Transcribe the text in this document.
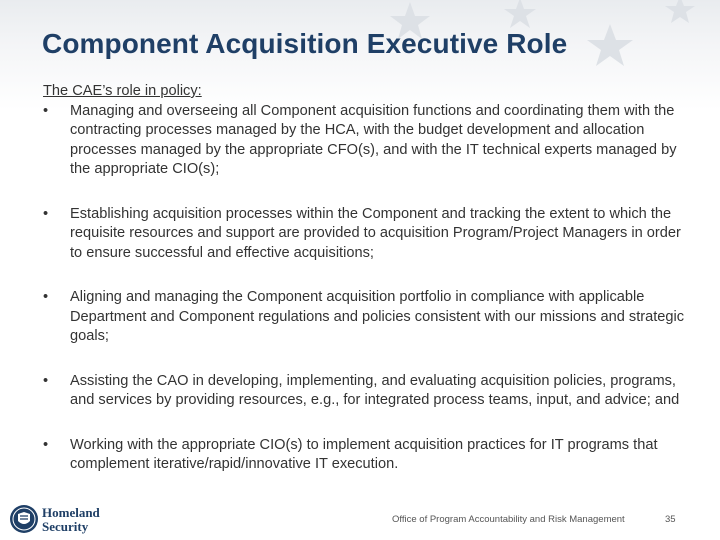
Component Acquisition Executive Role

The CAE’s role in policy:

•	Managing and overseeing all Component acquisition functions and coordinating them with the contracting processes managed by the HCA, with the budget development and allocation processes managed by the appropriate CFO(s), and with the IT technical experts managed by the appropriate CIO(s);
•	Establishing acquisition processes within the Component and tracking the extent to which the requisite resources and support are provided to acquisition Program/Project Managers in order to ensure successful and effective acquisitions;
•	Aligning and managing the Component acquisition portfolio in compliance with applicable Department and Component regulations and policies consistent with our missions and strategic goals;
•	Assisting the CAO in developing, implementing, and evaluating acquisition policies, programs, and services by providing resources, e.g., for integrated process teams, input, and advice; and
•	Working with the appropriate CIO(s) to implement acquisition practices for IT programs that complement iterative/rapid/innovative IT execution.
Homeland
Security	Office of Program Accountability and Risk Management	35
